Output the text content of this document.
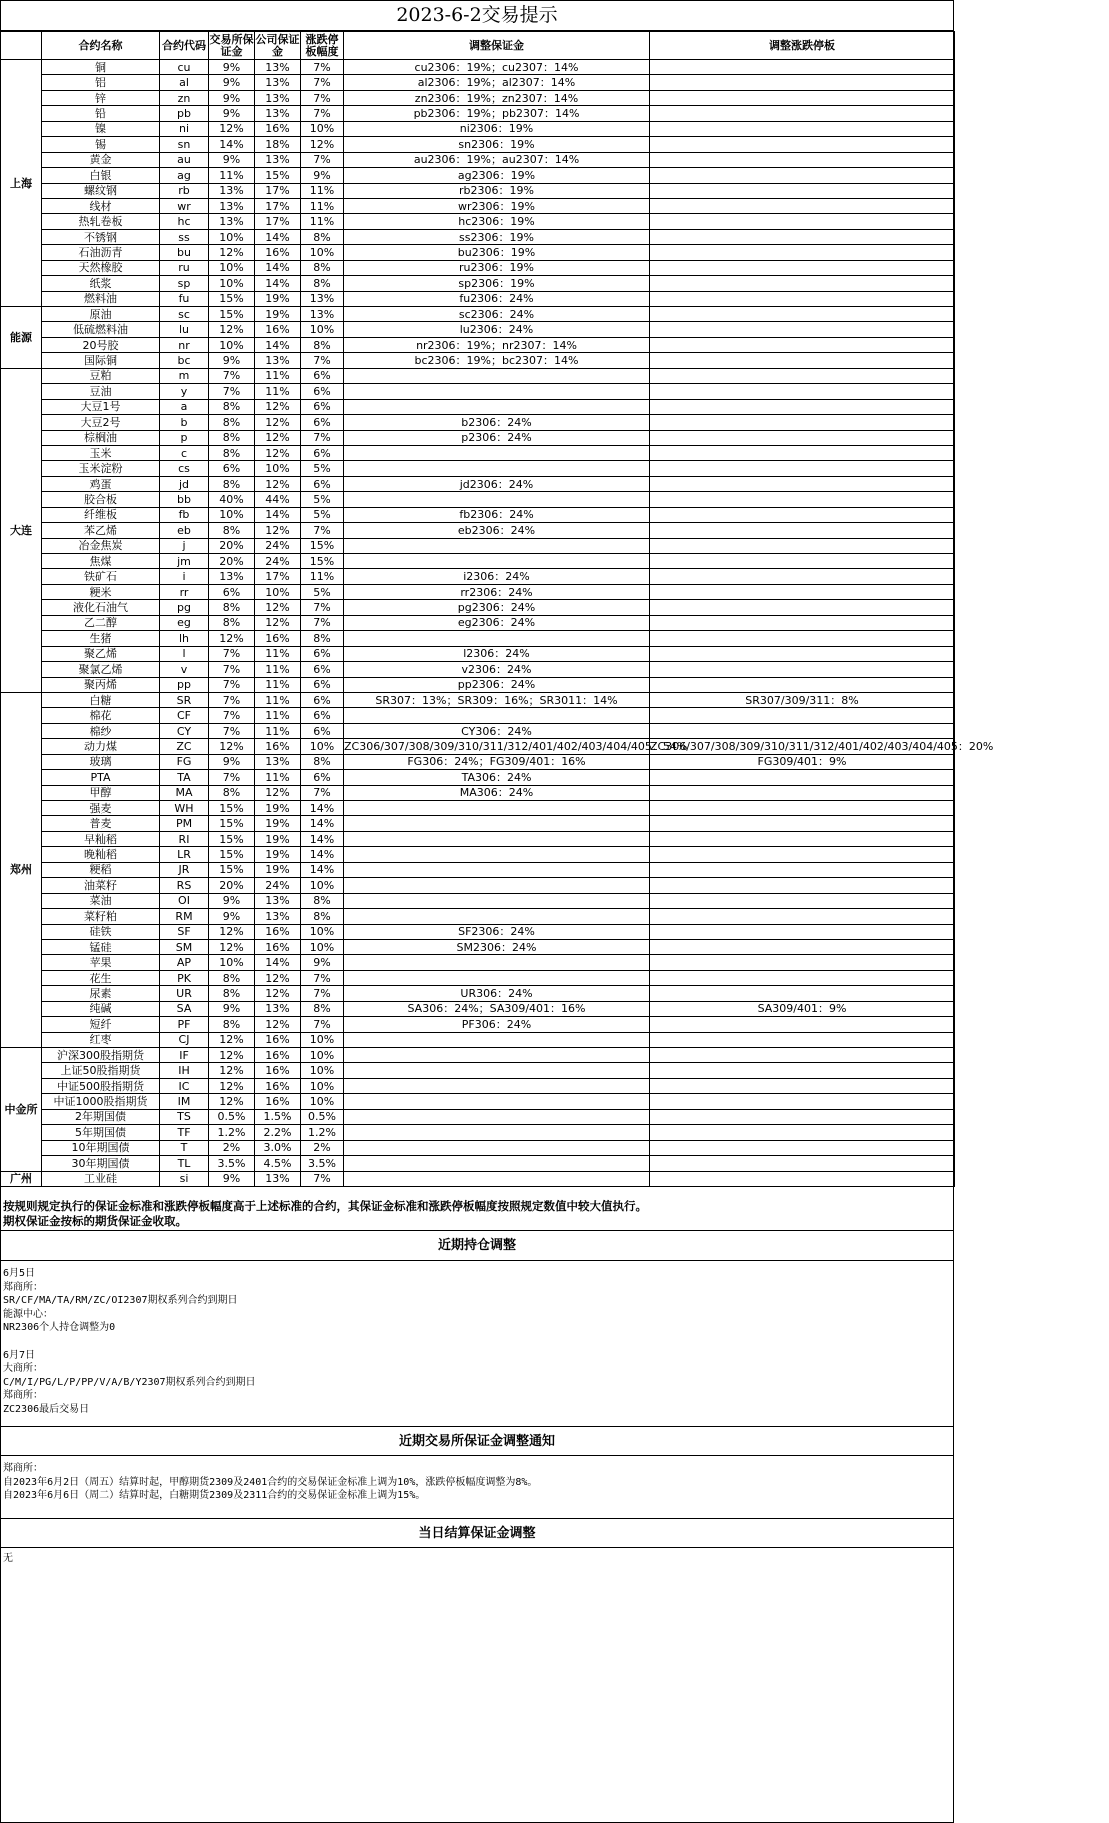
2023-6-2交易提示
	合约名称	合约代码	交易所保证金	公司保证金	涨跌停板幅度	调整保证金	调整涨跌停板
上海	铜	cu	9%	13%	7%	cu2306：19%；cu2307：14%	
	铝	al	9%	13%	7%	al2306：19%；al2307：14%	
	锌	zn	9%	13%	7%	zn2306：19%；zn2307：14%	
	铅	pb	9%	13%	7%	pb2306：19%；pb2307：14%	
	镍	ni	12%	16%	10%	ni2306：19%	
	锡	sn	14%	18%	12%	sn2306：19%	
	黄金	au	9%	13%	7%	au2306：19%；au2307：14%	
	白银	ag	11%	15%	9%	ag2306：19%	
	螺纹钢	rb	13%	17%	11%	rb2306：19%	
	线材	wr	13%	17%	11%	wr2306：19%	
	热轧卷板	hc	13%	17%	11%	hc2306：19%	
	不锈钢	ss	10%	14%	8%	ss2306：19%	
	石油沥青	bu	12%	16%	10%	bu2306：19%	
	天然橡胶	ru	10%	14%	8%	ru2306：19%	
	纸浆	sp	10%	14%	8%	sp2306：19%	
	燃料油	fu	15%	19%	13%	fu2306：24%	
能源	原油	sc	15%	19%	13%	sc2306：24%	
	低硫燃料油	lu	12%	16%	10%	lu2306：24%	
	20号胶	nr	10%	14%	8%	nr2306：19%；nr2307：14%	
	国际铜	bc	9%	13%	7%	bc2306：19%；bc2307：14%	
大连	豆粕	m	7%	11%	6%		
	豆油	y	7%	11%	6%		
	大豆1号	a	8%	12%	6%		
	大豆2号	b	8%	12%	6%	b2306：24%	
	棕榈油	p	8%	12%	7%	p2306：24%	
	玉米	c	8%	12%	6%		
	玉米淀粉	cs	6%	10%	5%		
	鸡蛋	jd	8%	12%	6%	jd2306：24%	
	胶合板	bb	40%	44%	5%		
	纤维板	fb	10%	14%	5%	fb2306：24%	
	苯乙烯	eb	8%	12%	7%	eb2306：24%	
	冶金焦炭	j	20%	24%	15%		
	焦煤	jm	20%	24%	15%		
	铁矿石	i	13%	17%	11%	i2306：24%	
	粳米	rr	6%	10%	5%	rr2306：24%	
	液化石油气	pg	8%	12%	7%	pg2306：24%	
	乙二醇	eg	8%	12%	7%	eg2306：24%	
	生猪	lh	12%	16%	8%		
	聚乙烯	l	7%	11%	6%	l2306：24%	
	聚氯乙烯	v	7%	11%	6%	v2306：24%	
	聚丙烯	pp	7%	11%	6%	pp2306：24%	
郑州	白糖	SR	7%	11%	6%	SR307：13%；SR309：16%；SR3011：14%	SR307/309/311：8%
	棉花	CF	7%	11%	6%		
	棉纱	CY	7%	11%	6%	CY306：24%	
	动力煤	ZC	12%	16%	10%	ZC306/307/308/309/310/311/312/401/402/403/404/405：54%	ZC306/307/308/309/310/311/312/401/402/403/404/405：20%
	玻璃	FG	9%	13%	8%	FG306：24%；FG309/401：16%	FG309/401：9%
	PTA	TA	7%	11%	6%	TA306：24%	
	甲醇	MA	8%	12%	7%	MA306：24%	
	强麦	WH	15%	19%	14%		
	普麦	PM	15%	19%	14%		
	早籼稻	RI	15%	19%	14%		
	晚籼稻	LR	15%	19%	14%		
	粳稻	JR	15%	19%	14%		
	油菜籽	RS	20%	24%	10%		
	菜油	OI	9%	13%	8%		
	菜籽粕	RM	9%	13%	8%		
	硅铁	SF	12%	16%	10%	SF2306：24%	
	锰硅	SM	12%	16%	10%	SM2306：24%	
	苹果	AP	10%	14%	9%		
	花生	PK	8%	12%	7%		
	尿素	UR	8%	12%	7%	UR306：24%	
	纯碱	SA	9%	13%	8%	SA306：24%；SA309/401：16%	SA309/401：9%
	短纤	PF	8%	12%	7%	PF306：24%	
	红枣	CJ	12%	16%	10%		
中金所	沪深300股指期货	IF	12%	16%	10%		
	上证50股指期货	IH	12%	16%	10%		
	中证500股指期货	IC	12%	16%	10%		
	中证1000股指期货	IM	12%	16%	10%		
	2年期国债	TS	0.5%	1.5%	0.5%		
	5年期国债	TF	1.2%	2.2%	1.2%		
	10年期国债	T	2%	3.0%	2%		
	30年期国债	TL	3.5%	4.5%	3.5%		
广州	工业硅	si	9%	13%	7%		
按规则规定执行的保证金标准和涨跌停板幅度高于上述标准的合约，其保证金标准和涨跌停板幅度按照规定数值中较大值执行。
期权保证金按标的期货保证金收取。
近期持仓调整
6月5日
郑商所：
SR/CF/MA/TA/RM/ZC/OI2307期权系列合约到期日
能源中心：
NR2306个人持仓调整为0
6月7日
大商所：
C/M/I/PG/L/P/PP/V/A/B/Y2307期权系列合约到期日
郑商所：
ZC2306最后交易日
近期交易所保证金调整通知
郑商所：
自2023年6月2日（周五）结算时起，甲醇期货2309及2401合约的交易保证金标准上调为10%，涨跌停板幅度调整为8%。
自2023年6月6日（周二）结算时起，白糖期货2309及2311合约的交易保证金标准上调为15%。
当日结算保证金调整
无
